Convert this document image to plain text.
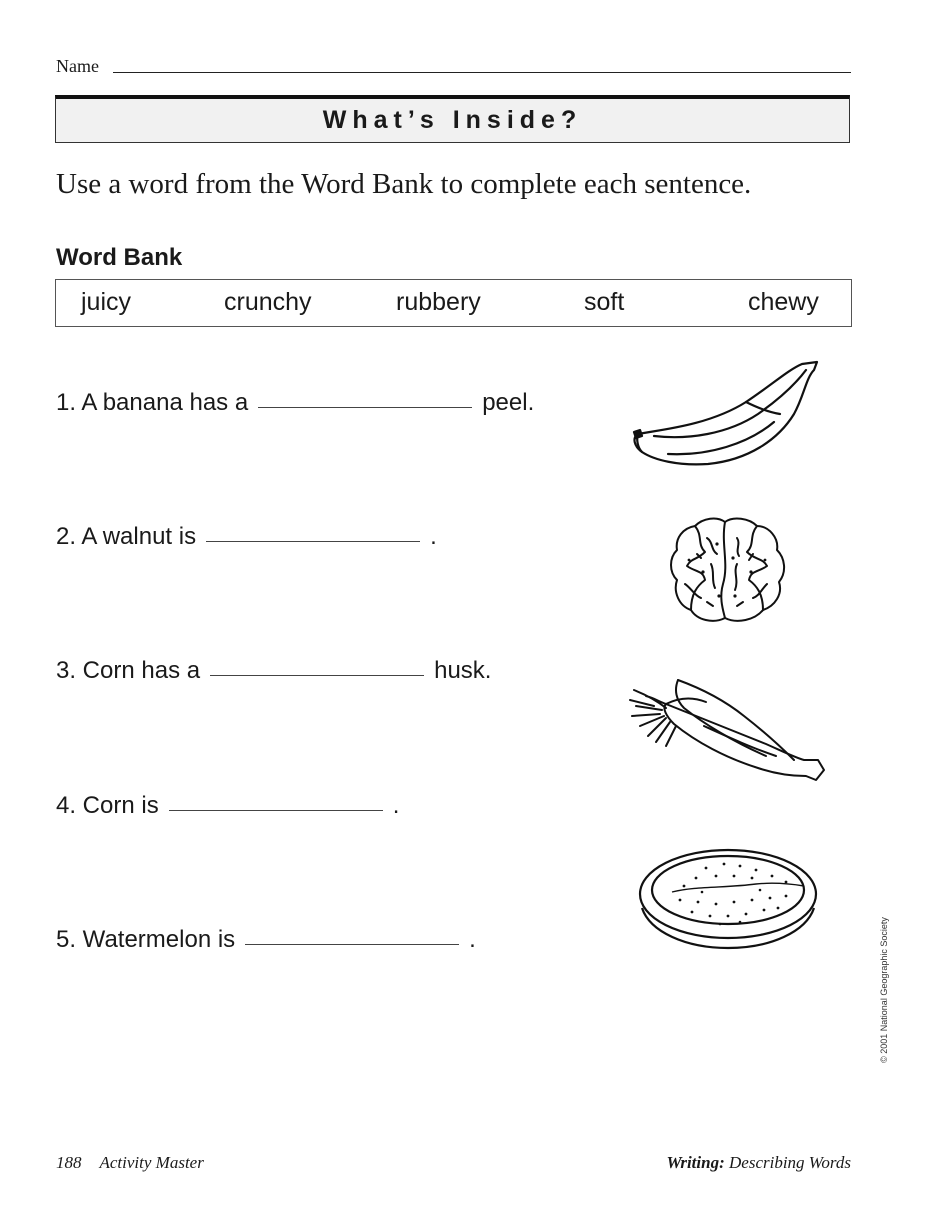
Name
What’s Inside?
Use a word from the Word Bank to complete each sentence.
Word Bank
juicy	crunchy	rubbery	soft	chewy
1. A banana has a	peel.
2. A walnut is	.
3. Corn has a	husk.
4. Corn is	.
5. Watermelon is	.	© 2001 National Geographic Society
188 Activity Master	Writing: Describing Words
